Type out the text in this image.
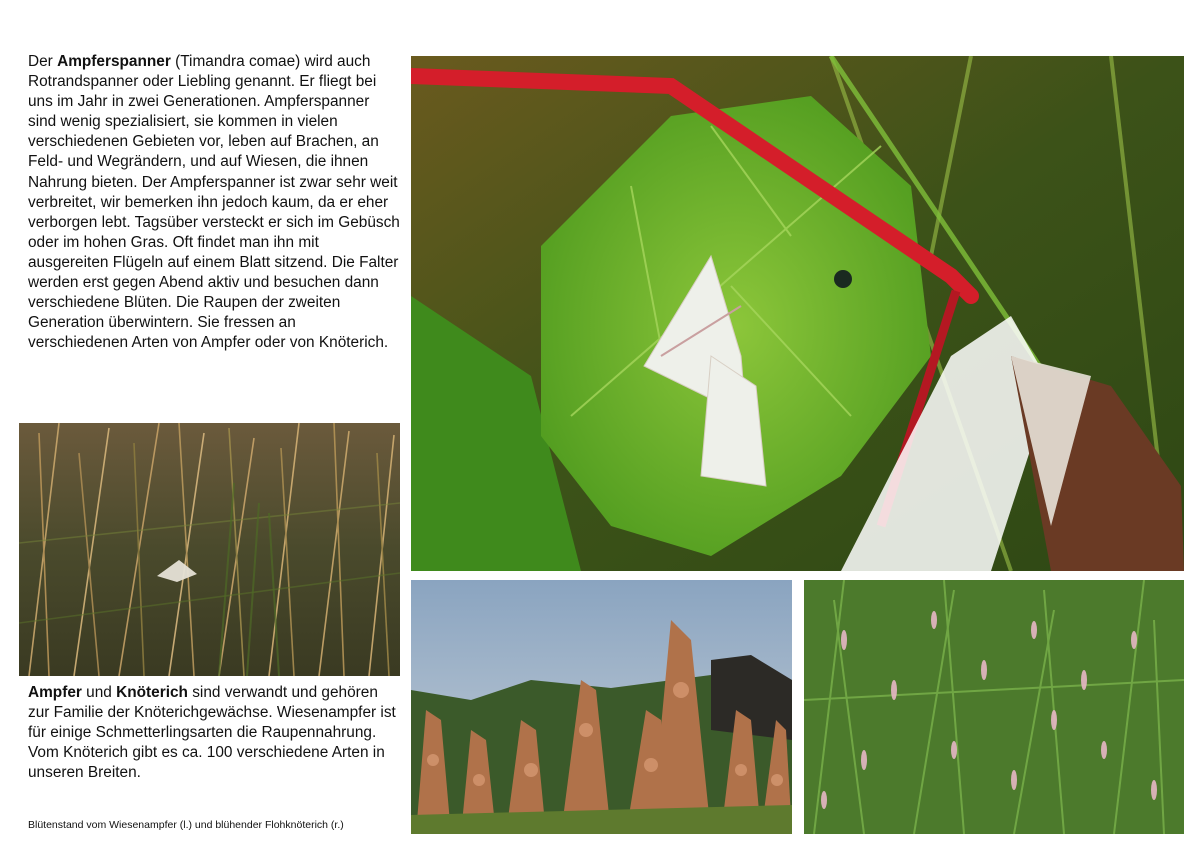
Der Ampferspanner (Timandra comae) wird auch Rotrandspanner oder Liebling genannt. Er fliegt bei uns im Jahr in zwei Generationen. Ampferspanner sind wenig spezialisiert, sie kommen in vielen verschiedenen Gebieten vor, leben auf Brachen, an Feld- und Wegrändern, und auf Wiesen, die ihnen Nahrung bieten. Der Ampferspanner ist zwar sehr weit verbreitet, wir bemerken ihn jedoch kaum, da er eher verborgen lebt. Tagsüber versteckt er sich im Gebüsch oder im hohen Gras. Oft findet man ihn mit ausgereiten Flügeln auf einem Blatt sitzend. Die Falter werden erst gegen Abend aktiv und besuchen dann verschiedene Blüten. Die Raupen der zweiten Generation überwintern. Sie fressen an verschiedenen Arten von Ampfer oder von Knöterich.

Ampfer und Knöterich sind verwandt und gehören zur Familie der Knöterichgewächse. Wiesenampfer ist für einige Schmetterlingsarten die Raupennahrung. Vom Knöterich gibt es ca. 100 verschiedene Arten in unseren Breiten.

Blütenstand vom Wiesenampfer (l.) und blühender Flohknöterich (r.)
